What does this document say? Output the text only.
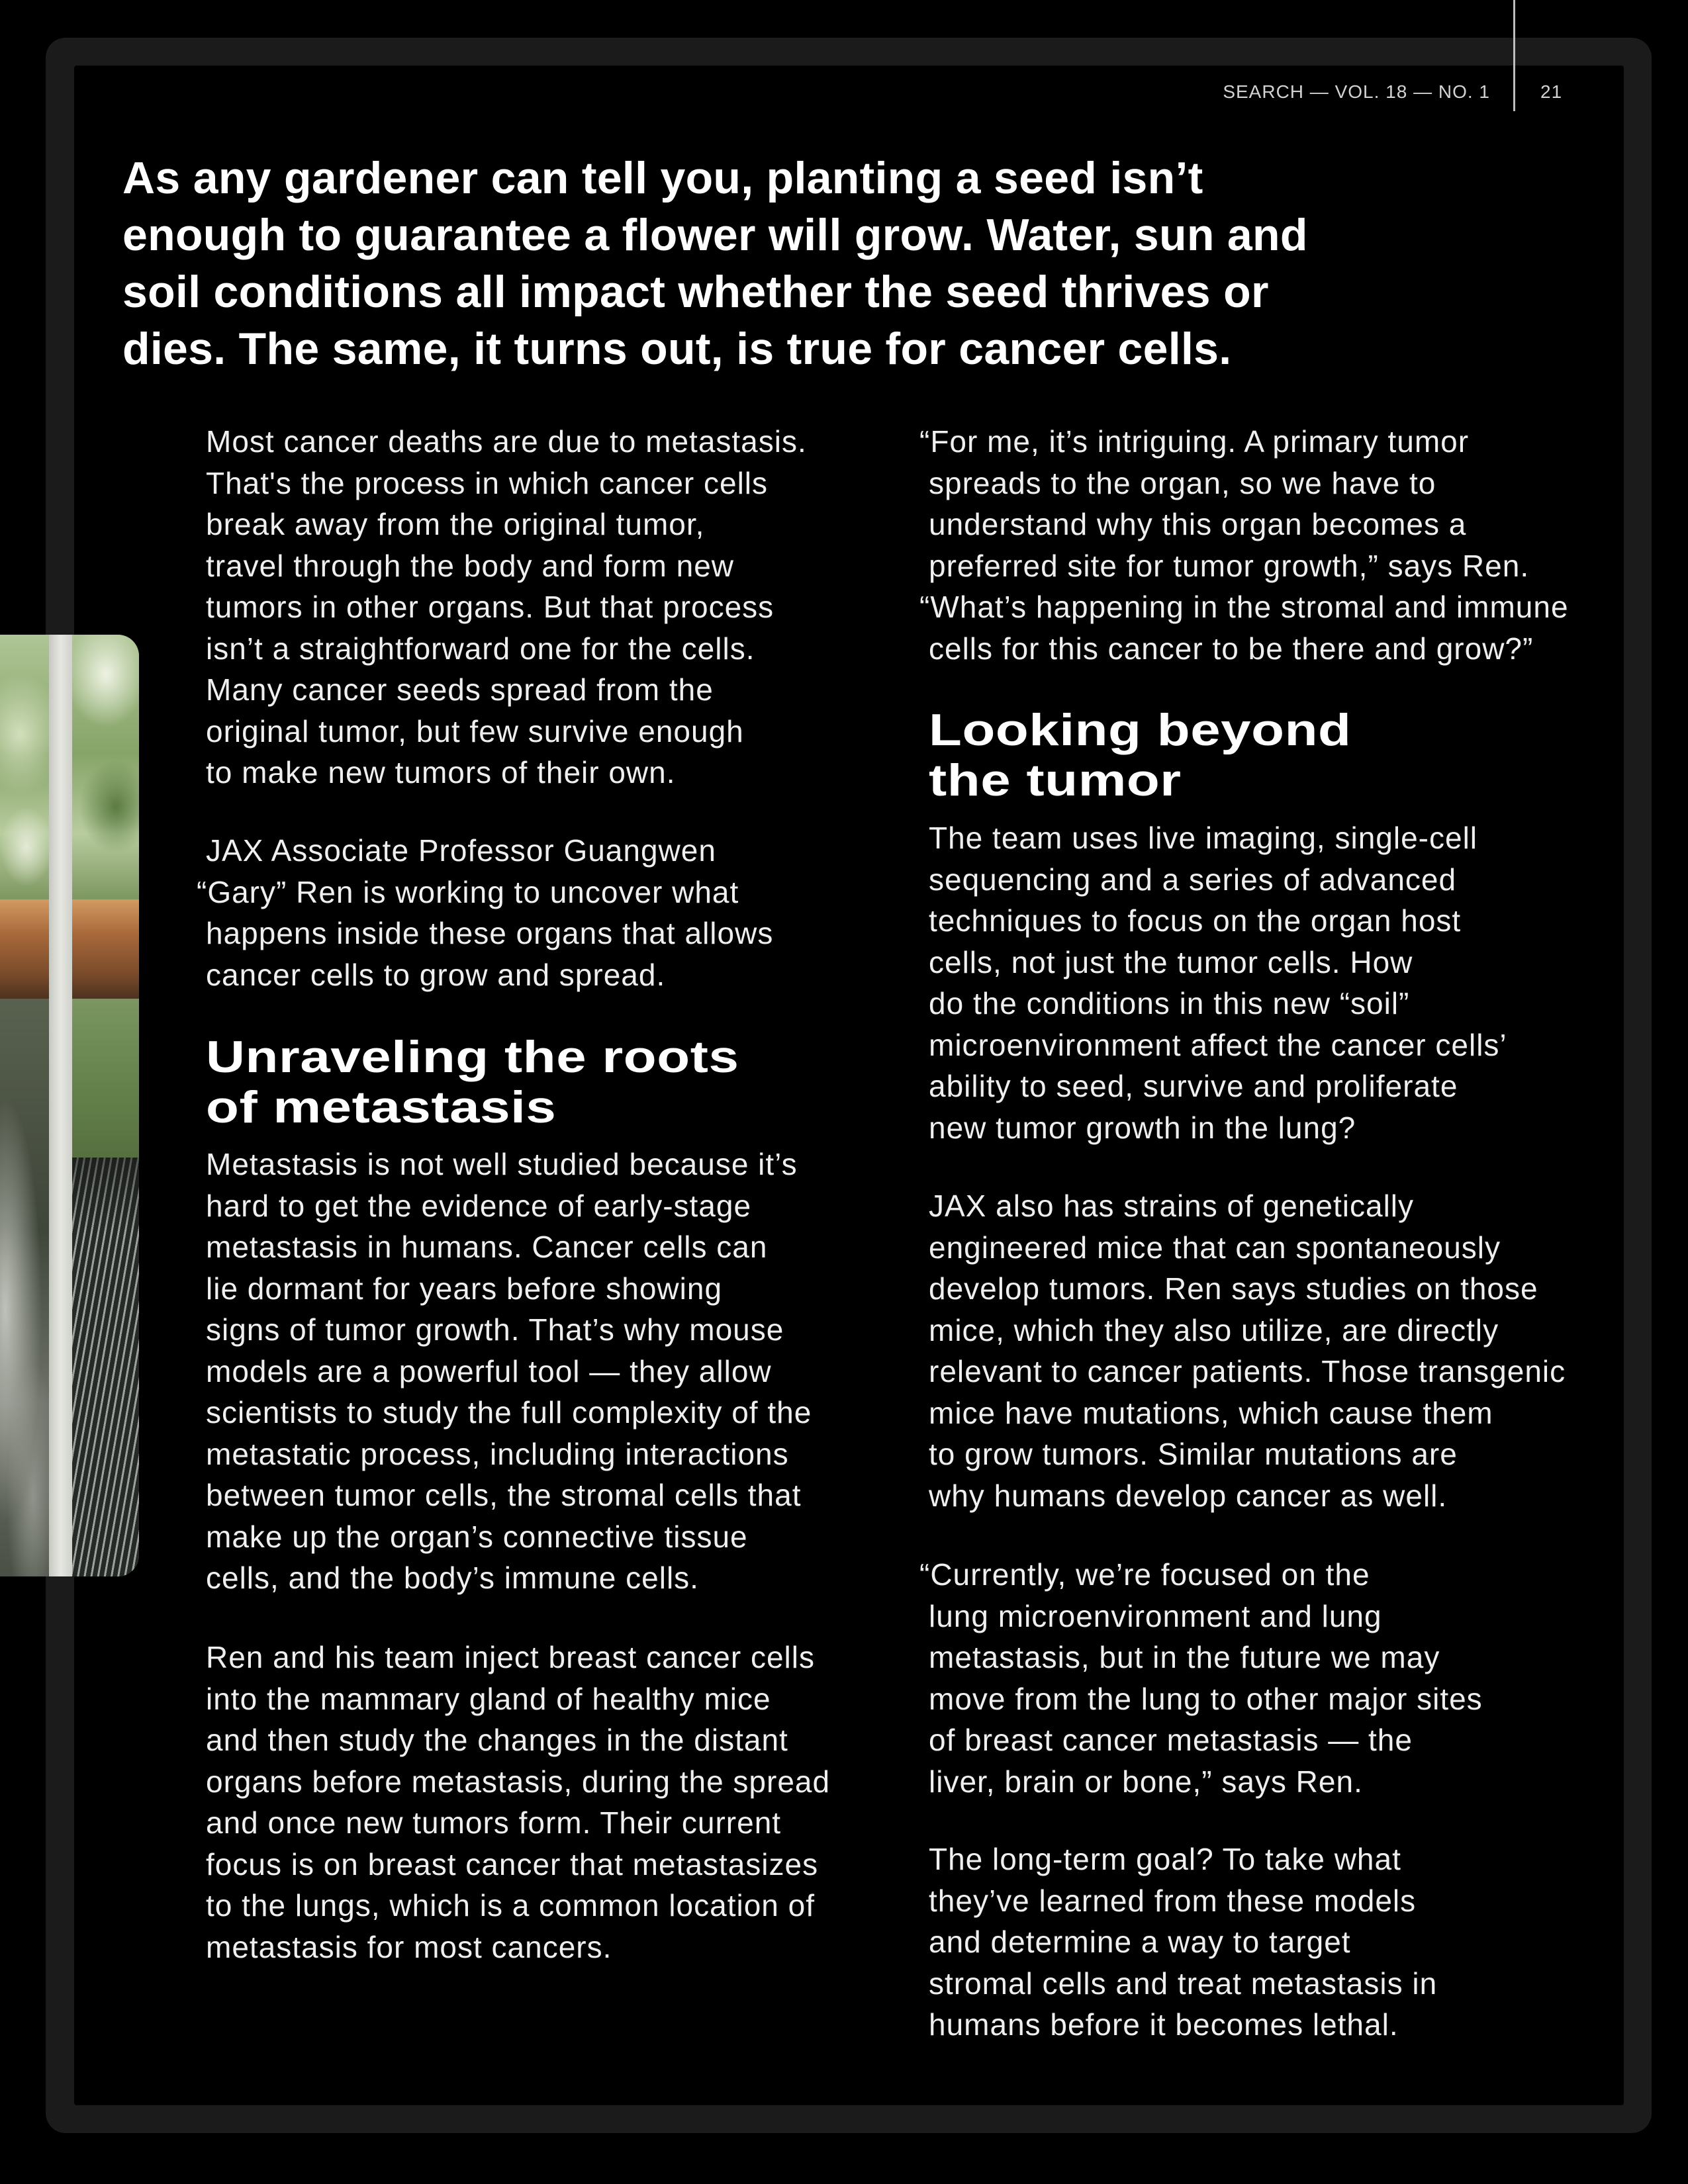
SEARCH — VOL. 18 — NO. 1	21
As any gardener can tell you, planting a seed isn’t
enough to guarantee a flower will grow. Water, sun and
soil conditions all impact whether the seed thrives or
dies. The same, it turns out, is true for cancer cells.
Most cancer deaths are due to metastasis.
That's the process in which cancer cells
break away from the original tumor,
travel through the body and form new
tumors in other organs. But that process
isn’t a straightforward one for the cells.
Many cancer seeds spread from the
original tumor, but few survive enough
to make new tumors of their own.
JAX Associate Professor Guangwen
“Gary” Ren is working to uncover what
happens inside these organs that allows
cancer cells to grow and spread.
Unraveling the roots
of metastasis
Metastasis is not well studied because it’s
hard to get the evidence of early-stage
metastasis in humans. Cancer cells can
lie dormant for years before showing
signs of tumor growth. That’s why mouse
models are a powerful tool — they allow
scientists to study the full complexity of the
metastatic process, including interactions
between tumor cells, the stromal cells that
make up the organ’s connective tissue
cells, and the body’s immune cells.
Ren and his team inject breast cancer cells
into the mammary gland of healthy mice
and then study the changes in the distant
organs before metastasis, during the spread
and once new tumors form. Their current
focus is on breast cancer that metastasizes
to the lungs, which is a common location of
metastasis for most cancers.
“For me, it’s intriguing. A primary tumor
spreads to the organ, so we have to
understand why this organ becomes a
preferred site for tumor growth,” says Ren.
“What’s happening in the stromal and immune
cells for this cancer to be there and grow?”
Looking beyond
the tumor
The team uses live imaging, single-cell
sequencing and a series of advanced
techniques to focus on the organ host
cells, not just the tumor cells. How
do the conditions in this new “soil”
microenvironment affect the cancer cells’
ability to seed, survive and proliferate
new tumor growth in the lung?
JAX also has strains of genetically
engineered mice that can spontaneously
develop tumors. Ren says studies on those
mice, which they also utilize, are directly
relevant to cancer patients. Those transgenic
mice have mutations, which cause them
to grow tumors. Similar mutations are
why humans develop cancer as well.
“Currently, we’re focused on the
lung microenvironment and lung
metastasis, but in the future we may
move from the lung to other major sites
of breast cancer metastasis — the
liver, brain or bone,” says Ren.
The long-term goal? To take what
they’ve learned from these models
and determine a way to target
stromal cells and treat metastasis in
humans before it becomes lethal.
